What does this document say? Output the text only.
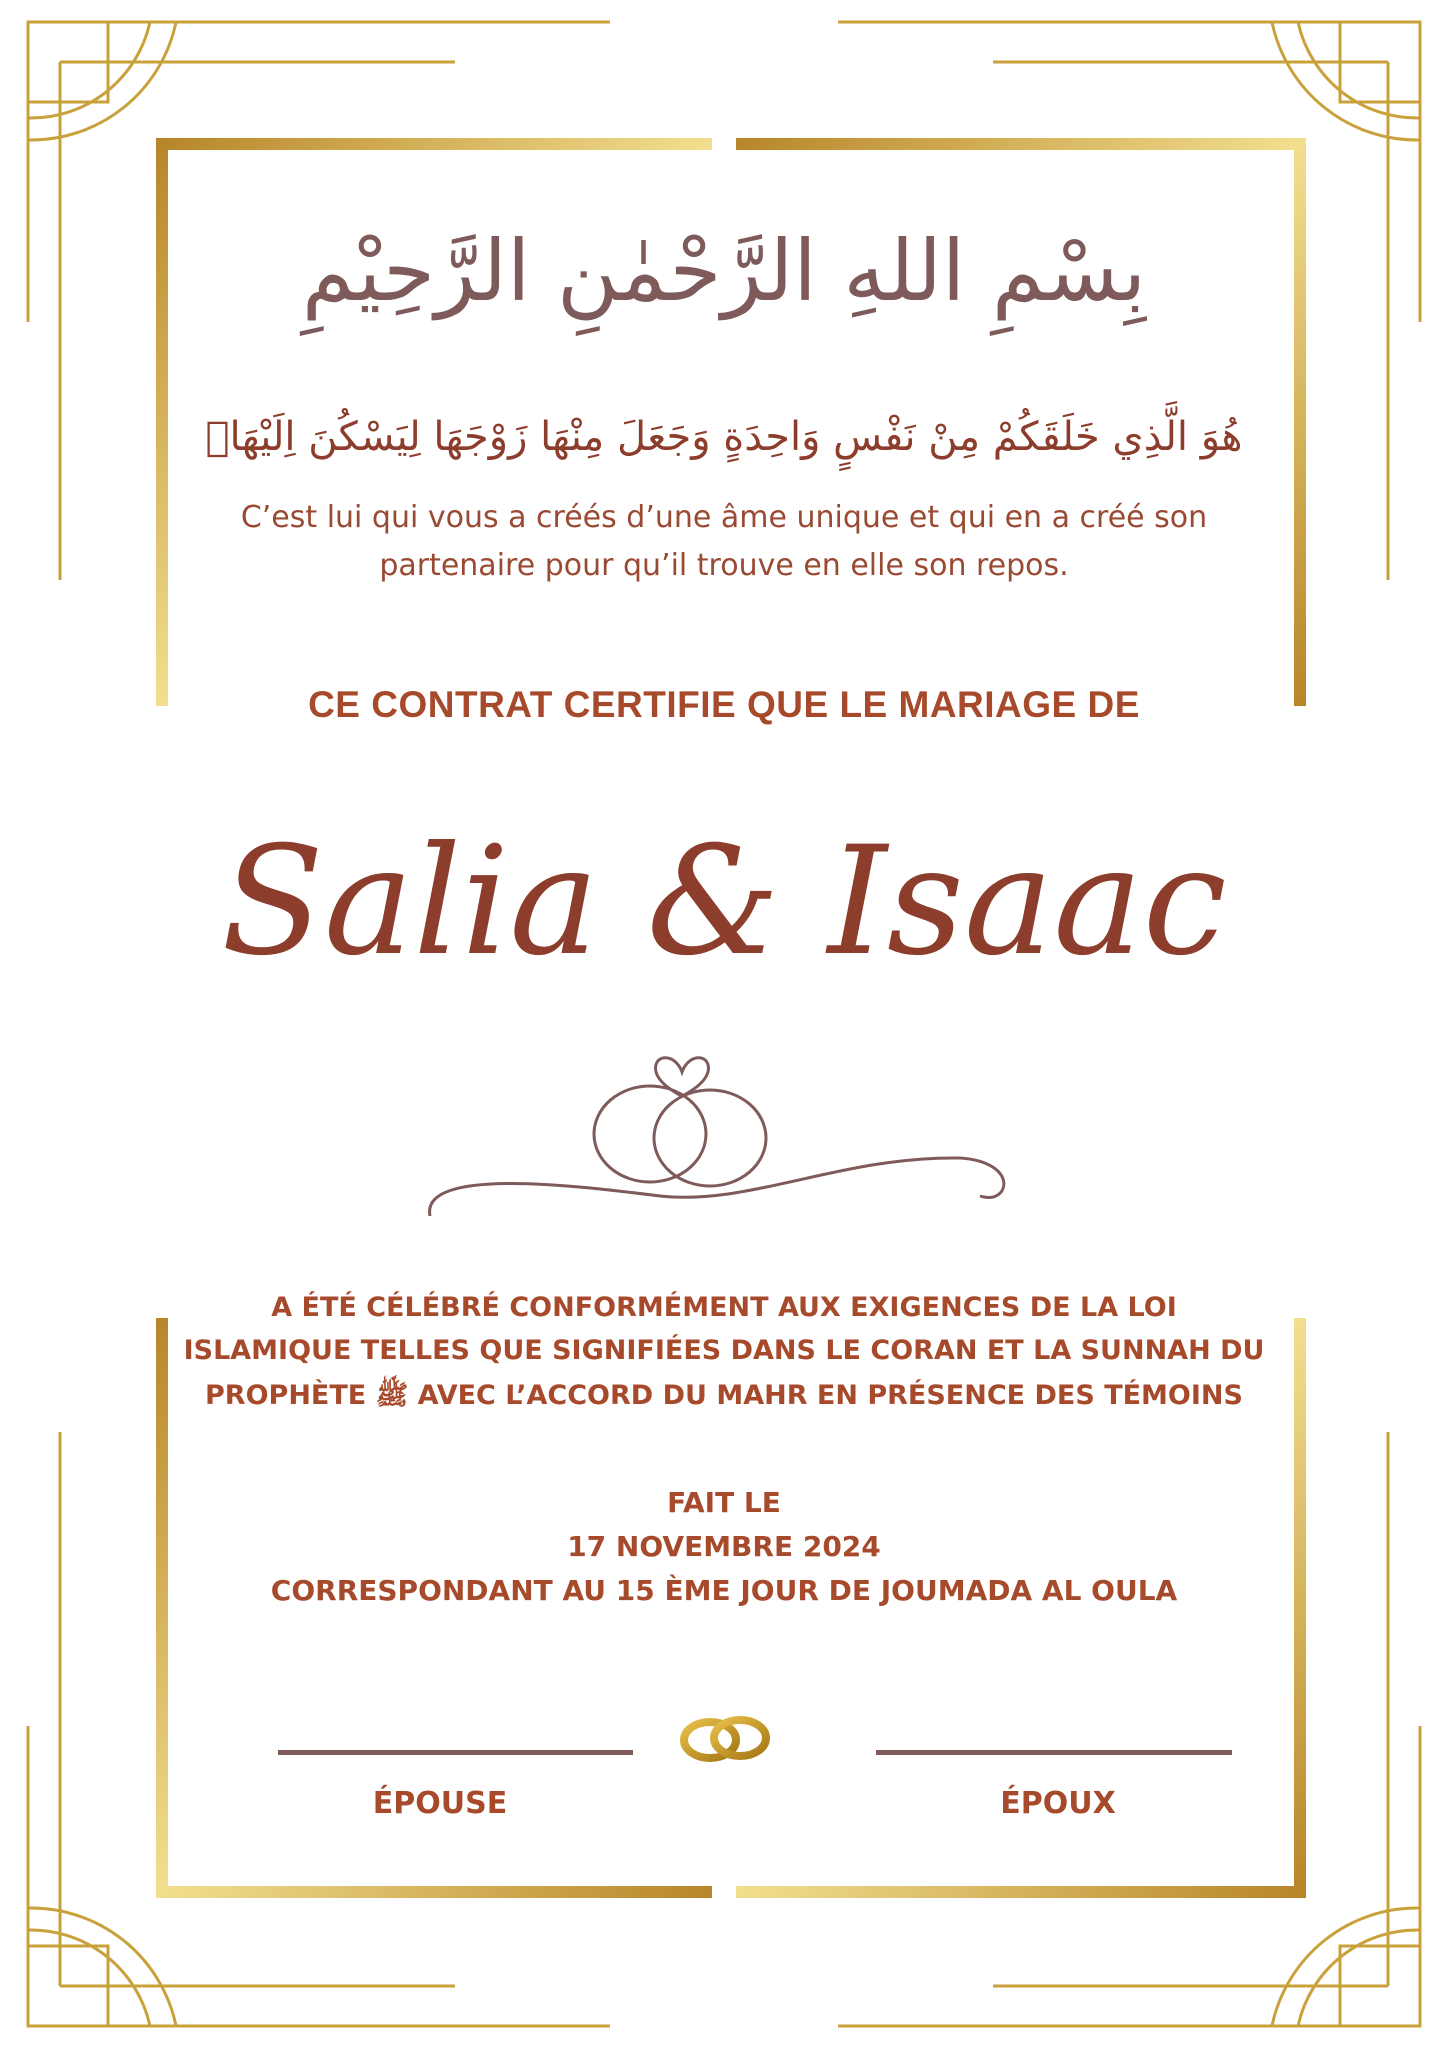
بِسْمِ اللهِ الرَّحْمٰنِ الرَّحِيْمِ

هُوَ الَّذِي خَلَقَكُمْ مِنْ نَفْسٍ وَاحِدَةٍ وَجَعَلَ مِنْهَا زَوْجَهَا لِيَسْكُنَ اِلَيْهَاۚ

C’est lui qui vous a créés d’une âme unique et qui en a créé son

partenaire pour qu’il trouve en elle son repos.

CE CONTRAT CERTIFIE QUE LE MARIAGE DE

Salia & Isaac

A ÉTÉ CÉLÉBRÉ CONFORMÉMENT AUX EXIGENCES DE LA LOI

ISLAMIQUE TELLES QUE SIGNIFIÉES DANS LE CORAN ET LA SUNNAH DU

PROPHÈTE ﷺ AVEC L’ACCORD DU MAHR EN PRÉSENCE DES TÉMOINS

FAIT LE

17 NOVEMBRE 2024

CORRESPONDANT AU 15 ÈME JOUR DE JOUMADA AL OULA

ÉPOUSE	ÉPOUX
